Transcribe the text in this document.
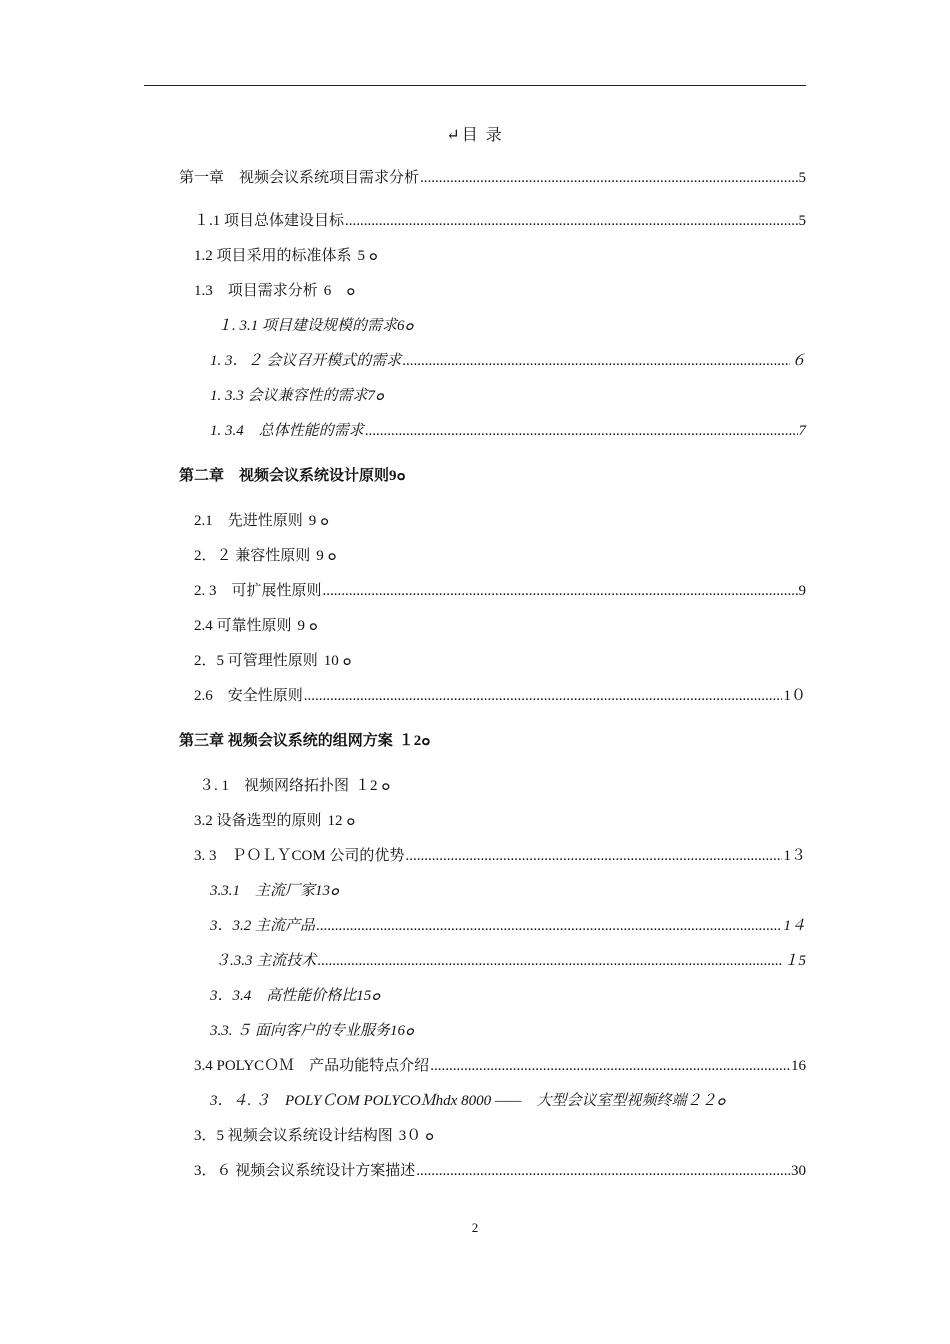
↵目 录
第一章　视频会议系统项目需求分析 .....	5
１.1 项目总体建设目标 .....	5
1.2 项目采用的标准体系 5 ๐
1.3　项目需求分析 6　๐
１. 3.1 项目建设规模的需求 6๐
1. 3．２ 会议召开模式的需求 .....	６
1. 3.3 会议兼容性的需求 7๐
1. 3.4　总体性能的需求 .....	7
第二章　视频会议系统设计原则 9๐
2.1　先进性原则 9 ๐
2．２ 兼容性原则 9 ๐
2. 3　可扩展性原则 .....	9
2.4 可靠性原则 9 ๐
2．5 可管理性原则 10 ๐
2.6　安全性原则 .....	1０
第三章 视频会议系统的组网方案 １2๐
３. 1　视频网络拓扑图 １2 ๐
3.2 设备选型的原则 12 ๐
3. 3　ＰＯＬＹCOM 公司的优势 .....	1３
3.3.1　主流厂家 13๐
3．3.2 主流产品 .....	1４
３.3.3 主流技术 .....	１5
3．3.4　高性能价格比 15๐
3.3. ５ 面向客户的专业服务 16๐
3.4 POLYCＯＭ　产品功能特点介绍 .....	16
3．４. ３　POLYＣOM POLYCOＭhdx 8000 ——　大型会议室型视频终端 ２２๐
3．5 视频会议系统设计结构图 3０ ๐
3．６ 视频会议系统设计方案描述 .....	30
2
